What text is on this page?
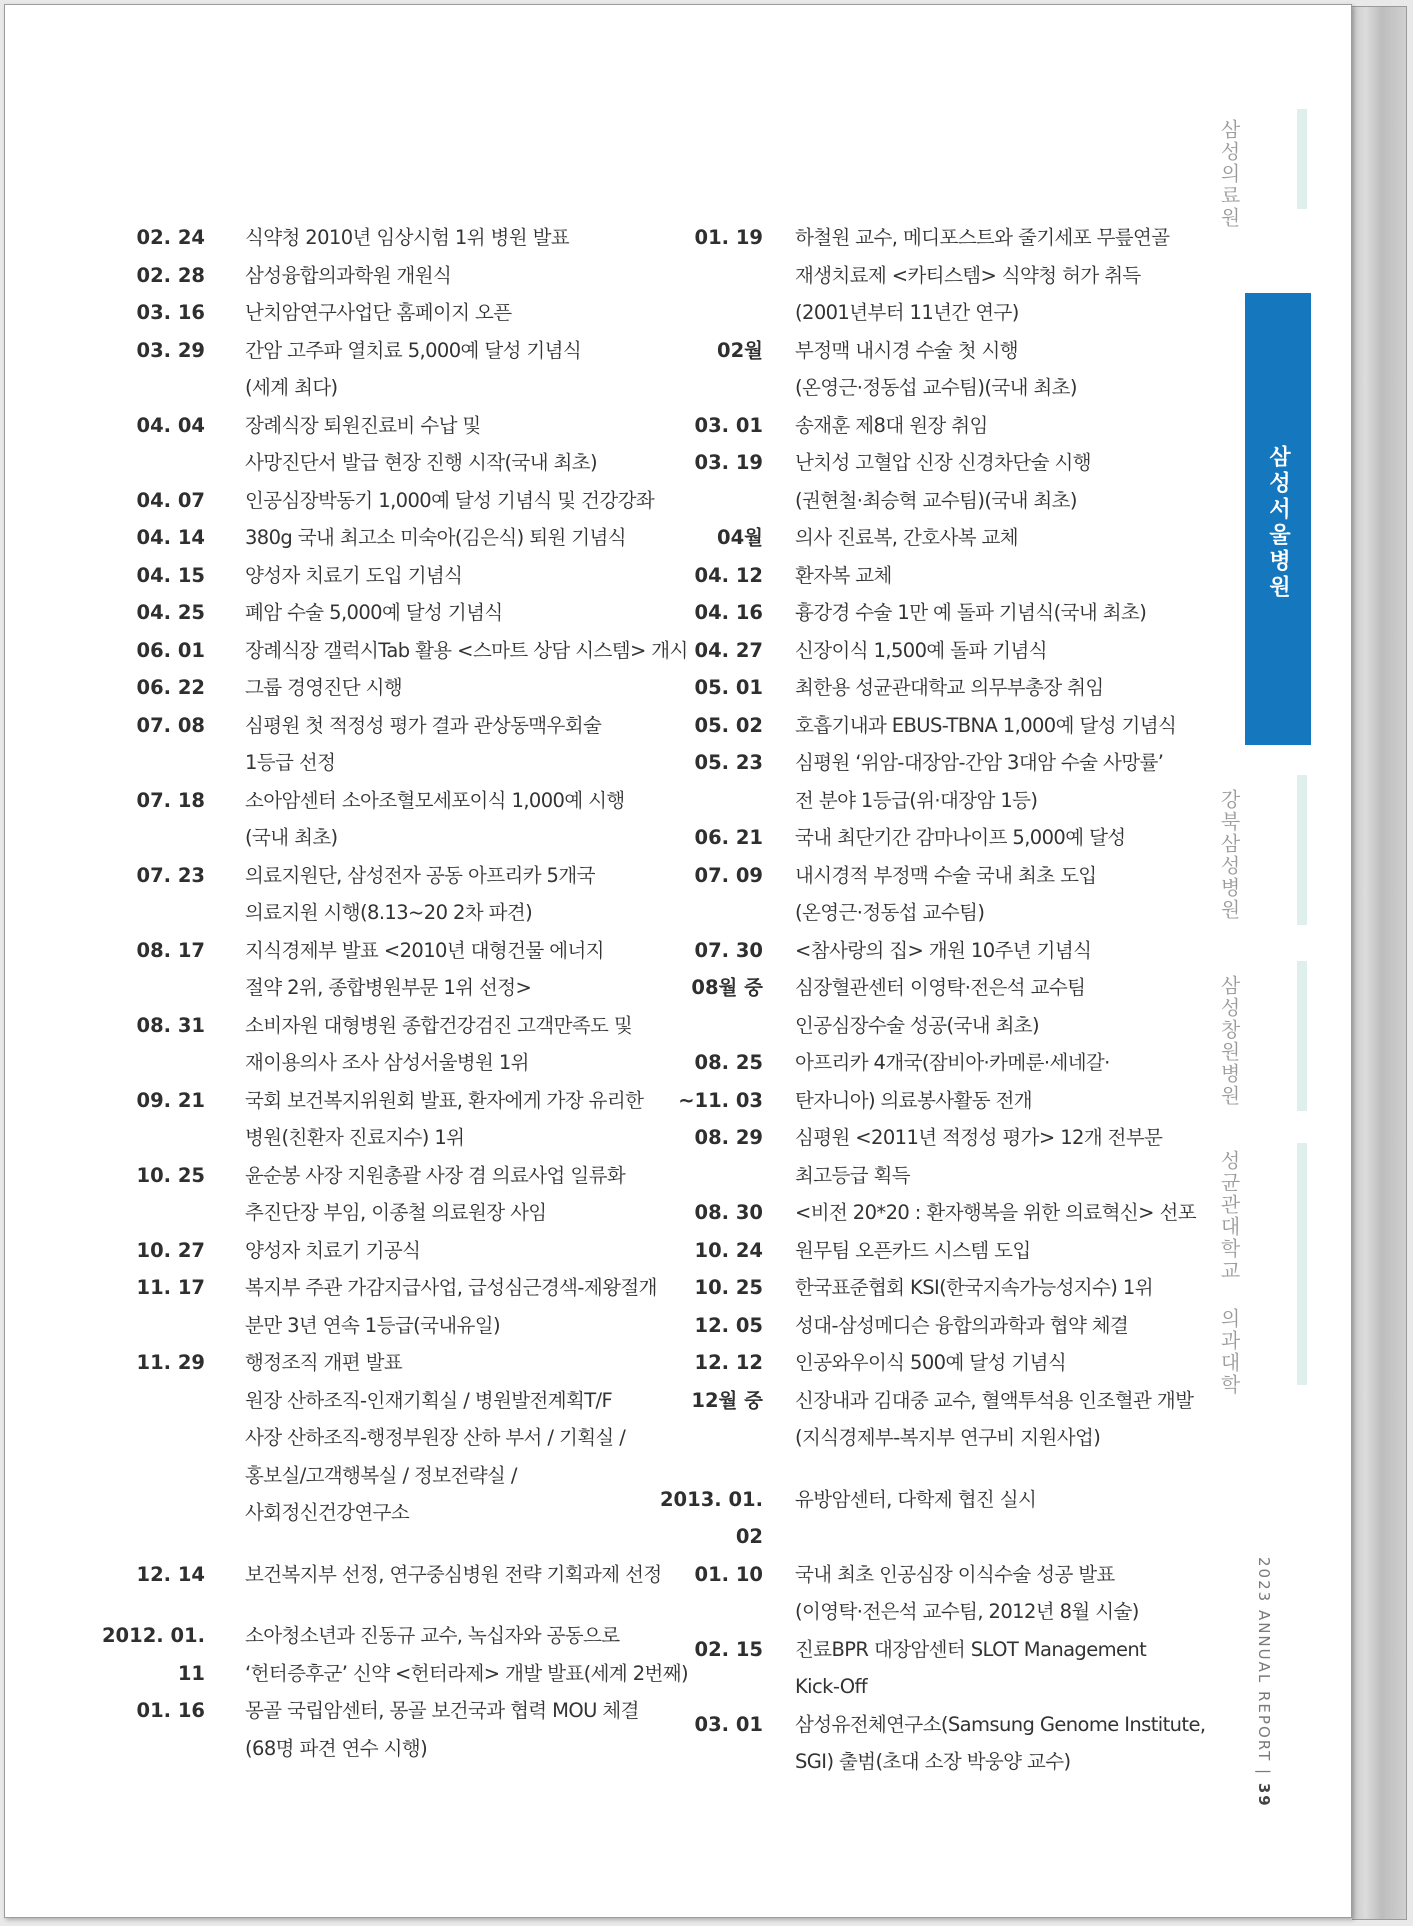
02. 24 식약청 2010년 임상시험 1위 병원 발표
02. 28 삼성융합의과학원 개원식
03. 16 난치암연구사업단 홈페이지 오픈
03. 29 간암 고주파 열치료 5,000예 달성 기념식
(세계 최다)
04. 04 장례식장 퇴원진료비 수납 및
사망진단서 발급 현장 진행 시작(국내 최초)
04. 07 인공심장박동기 1,000예 달성 기념식 및 건강강좌
04. 14 380g 국내 최고소 미숙아(김은식) 퇴원 기념식
04. 15 양성자 치료기 도입 기념식
04. 25 폐암 수술 5,000예 달성 기념식
06. 01 장례식장 갤럭시Tab 활용 <스마트 상담 시스템> 개시
06. 22 그룹 경영진단 시행
07. 08 심평원 첫 적정성 평가 결과 관상동맥우회술
1등급 선정
07. 18 소아암센터 소아조혈모세포이식 1,000예 시행
(국내 최초)
07. 23 의료지원단, 삼성전자 공동 아프리카 5개국
의료지원 시행(8.13~20 2차 파견)
08. 17 지식경제부 발표 <2010년 대형건물 에너지
절약 2위, 종합병원부문 1위 선정>
08. 31 소비자원 대형병원 종합건강검진 고객만족도 및
재이용의사 조사 삼성서울병원 1위
09. 21 국회 보건복지위원회 발표, 환자에게 가장 유리한
병원(친환자 진료지수) 1위
10. 25 윤순봉 사장 지원총괄 사장 겸 의료사업 일류화
추진단장 부임, 이종철 의료원장 사임
10. 27 양성자 치료기 기공식
11. 17 복지부 주관 가감지급사업, 급성심근경색-제왕절개
분만 3년 연속 1등급(국내유일)
11. 29 행정조직 개편 발표
원장 산하조직-인재기획실 / 병원발전계획T/F
사장 산하조직-행정부원장 산하 부서 / 기획실 /
홍보실/고객행복실 / 정보전략실 /
사회정신건강연구소
12. 14 보건복지부 선정, 연구중심병원 전략 기획과제 선정
2012. 01. 11
소아청소년과 진동규 교수, 녹십자와 공동으로
‘헌터증후군’ 신약 <헌터라제> 개발 발표(세계 2번째)
01. 16 몽골 국립암센터, 몽골 보건국과 협력 MOU 체결
(68명 파견 연수 시행)
01. 19 하철원 교수, 메디포스트와 줄기세포 무릎연골
재생치료제 <카티스템> 식약청 허가 취득
(2001년부터 11년간 연구)
02월 부정맥 내시경 수술 첫 시행
(온영근·정동섭 교수팀)(국내 최초)
03. 01 송재훈 제8대 원장 취임
03. 19 난치성 고혈압 신장 신경차단술 시행
(권현철·최승혁 교수팀)(국내 최초)
04월 의사 진료복, 간호사복 교체
04. 12 환자복 교체
04. 16 흉강경 수술 1만 예 돌파 기념식(국내 최초)
04. 27 신장이식 1,500예 돌파 기념식
05. 01 최한용 성균관대학교 의무부총장 취임
05. 02 호흡기내과 EBUS-TBNA 1,000예 달성 기념식
05. 23 심평원 ‘위암-대장암-간암 3대암 수술 사망률’
전 분야 1등급(위·대장암 1등)
06. 21 국내 최단기간 감마나이프 5,000예 달성
07. 09 내시경적 부정맥 수술 국내 최초 도입
(온영근·정동섭 교수팀)
07. 30 <참사랑의 집> 개원 10주년 기념식
08월 중 심장혈관센터 이영탁·전은석 교수팀
인공심장수술 성공(국내 최초)
08. 25 아프리카 4개국(잠비아·카메룬·세네갈·
~11. 03 탄자니아) 의료봉사활동 전개
08. 29 심평원 <2011년 적정성 평가> 12개 전부문
최고등급 획득
08. 30 <비전 20*20 : 환자행복을 위한 의료혁신> 선포
10. 24 원무팀 오픈카드 시스템 도입
10. 25 한국표준협회 KSI(한국지속가능성지수) 1위
12. 05 성대-삼성메디슨 융합의과학과 협약 체결
12. 12 인공와우이식 500예 달성 기념식
12월 중 신장내과 김대중 교수, 혈액투석용 인조혈관 개발
(지식경제부-복지부 연구비 지원사업)
2013. 01. 02
유방암센터, 다학제 협진 실시
01. 10 국내 최초 인공심장 이식수술 성공 발표
(이영탁·전은석 교수팀, 2012년 8월 시술)
02. 15 진료BPR 대장암센터 SLOT Management
Kick-Off
03. 01 삼성유전체연구소(Samsung Genome Institute,
SGI) 출범(초대 소장 박웅양 교수)
삼성의료원
삼성서울병원
강북삼성병원
삼성창원병원
성균관대학교 의과대학
2023 ANNUAL REPORT | 39
